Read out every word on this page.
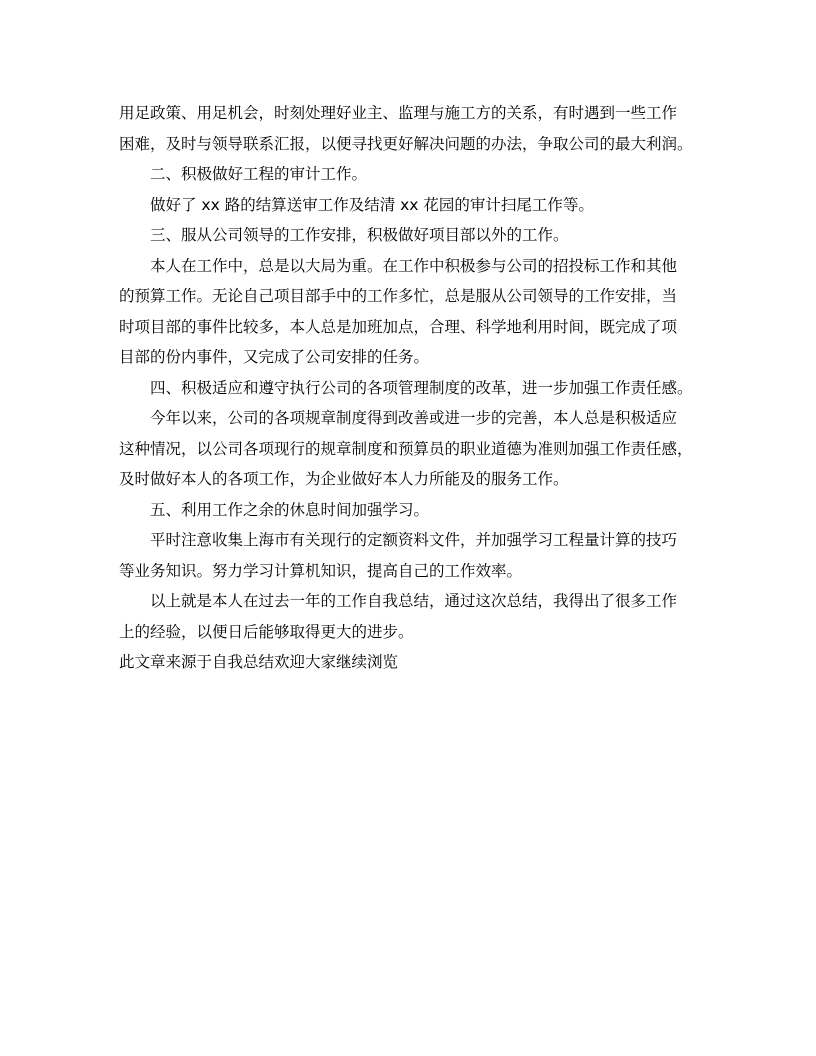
用足政策、用足机会，时刻处理好业主、监理与施工方的关系，有时遇到一些工作
困难，及时与领导联系汇报，以便寻找更好解决问题的办法，争取公司的最大利润。
二、积极做好工程的审计工作。
做好了 xx 路的结算送审工作及结清 xx 花园的审计扫尾工作等。
三、服从公司领导的工作安排，积极做好项目部以外的工作。
本人在工作中，总是以大局为重。在工作中积极参与公司的招投标工作和其他
的预算工作。无论自己项目部手中的工作多忙，总是服从公司领导的工作安排，当
时项目部的事件比较多，本人总是加班加点，合理、科学地利用时间，既完成了项
目部的份内事件，又完成了公司安排的任务。
四、积极适应和遵守执行公司的各项管理制度的改革，进一步加强工作责任感。
今年以来，公司的各项规章制度得到改善或进一步的完善，本人总是积极适应
这种情况，以公司各项现行的规章制度和预算员的职业道德为准则加强工作责任感，
及时做好本人的各项工作，为企业做好本人力所能及的服务工作。
五、利用工作之余的休息时间加强学习。
平时注意收集上海市有关现行的定额资料文件，并加强学习工程量计算的技巧
等业务知识。努力学习计算机知识，提高自己的工作效率。
以上就是本人在过去一年的工作自我总结，通过这次总结，我得出了很多工作
上的经验，以便日后能够取得更大的进步。
此文章来源于自我总结欢迎大家继续浏览
